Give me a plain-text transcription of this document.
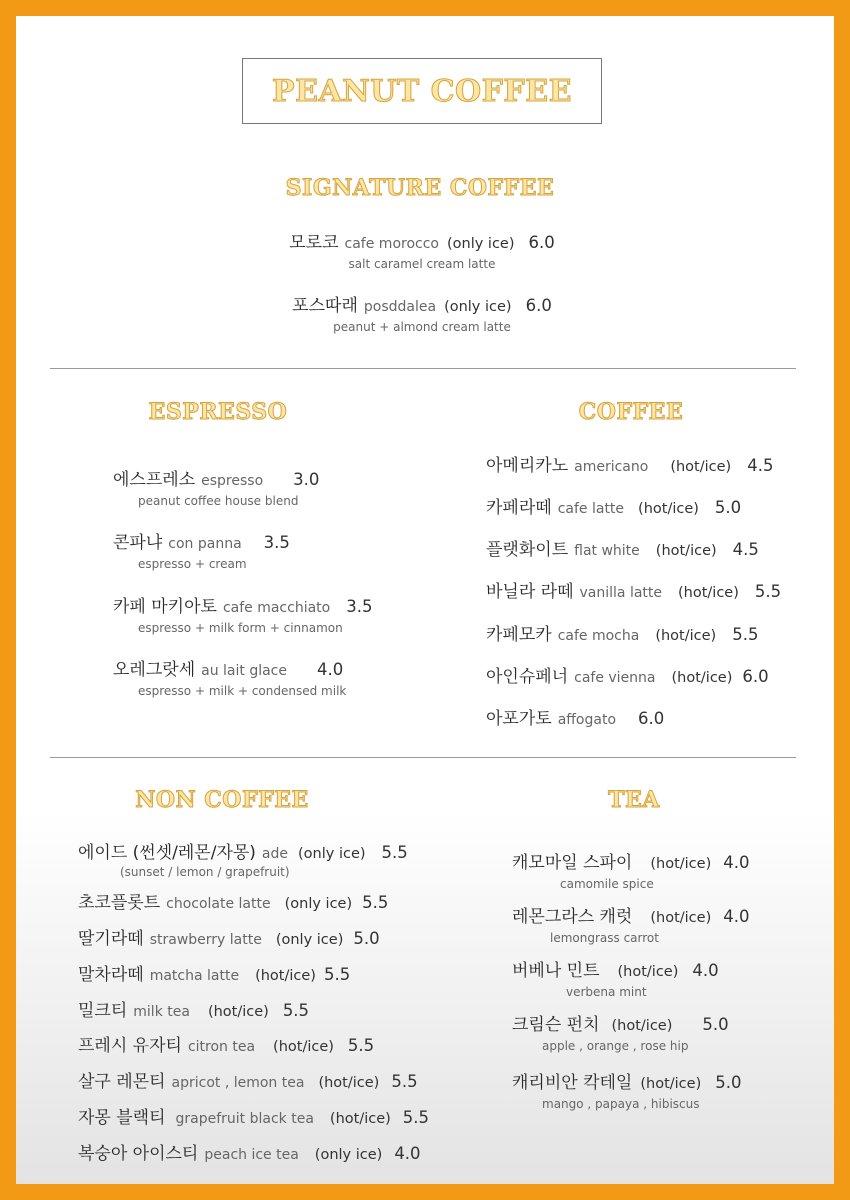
PEANUT COFFEE
SIGNATURE COFFEE
모로코 cafe morocco (only ice) 6.0
salt caramel cream latte
포스따래 posddalea (only ice) 6.0
peanut + almond cream latte
ESPRESSO
에스프레소 espresso 3.0
peanut coffee house blend
콘파냐 con panna 3.5
espresso + cream
카페 마키아토 cafe macchiato 3.5
espresso + milk form + cinnamon
오레그랏세 au lait glace 4.0
espresso + milk + condensed milk
COFFEE
아메리카노 americano (hot/ice) 4.5
카페라떼 cafe latte (hot/ice) 5.0
플랫화이트 flat white (hot/ice) 4.5
바닐라 라떼 vanilla latte (hot/ice) 5.5
카페모카 cafe mocha (hot/ice) 5.5
아인슈페너 cafe vienna (hot/ice) 6.0
아포가토 affogato 6.0
NON COFFEE
에이드 (썬셋/레몬/자몽) ade (only ice) 5.5
(sunset / lemon / grapefruit)
초코플롯트 chocolate latte (only ice) 5.5
딸기라떼 strawberry latte (only ice) 5.0
말차라떼 matcha latte (hot/ice) 5.5
밀크티 milk tea (hot/ice) 5.5
프레시 유자티 citron tea (hot/ice) 5.5
살구 레몬티 apricot , lemon tea (hot/ice) 5.5
자몽 블랙티 grapefruit black tea (hot/ice) 5.5
복숭아 아이스티 peach ice tea (only ice) 4.0
TEA
캐모마일 스파이 (hot/ice) 4.0
camomile spice
레몬그라스 캐럿 (hot/ice) 4.0
lemongrass carrot
버베나 민트 (hot/ice) 4.0
verbena mint
크림슨 펀치 (hot/ice) 5.0
apple , orange , rose hip
캐리비안 칵테일 (hot/ice) 5.0
mango , papaya , hibiscus
